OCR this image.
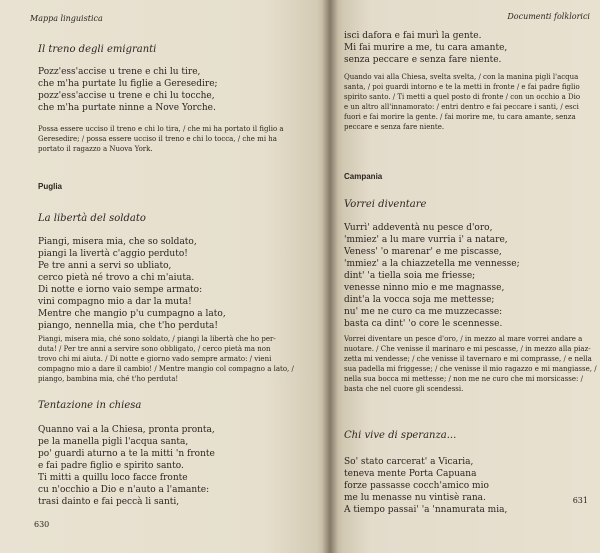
Mappa linguistica

Il treno degli emigranti

Pozz'ess'accise u trene e chi lu tire,
che m'ha purtate lu figlie a Geresedire;
pozz'ess'accise u trene e chi lu tocche,
che m'ha purtate ninne a Nove Yorche.
Possa essere ucciso il treno e chi lo tira, / che mi ha portato il figlio a
Geresedire; / possa essere ucciso il treno e chi lo tocca, / che mi ha
portato il ragazzo a Nuova York.

Puglia

La libertà del soldato

Piangi, misera mia, che so soldato,
piangi la livertà c'aggio perduto!
Pe tre anni a servi so ubliato,
cerco pietà né trovo a chi m'aiuta.
Di notte e iorno vaio sempe armato:
vini compagno mio a dar la muta!
Mentre che mangio p'u cumpagno a lato,
piango, nennella mia, che t'ho perduta!
Piangi, misera mia, ché sono soldato, / piangi la libertà che ho per-
duta! / Per tre anni a servire sono obbligato, / cerco pietà ma non
trovo chi mi aiuta. / Di notte e giorno vado sempre armato: / vieni
compagno mio a dare il cambio! / Mentre mangio col compagno a lato, /
piango, bambina mia, ché t'ho perduta!

Tentazione in chiesa

Quanno vai a la Chiesa, pronta pronta,
pe la manella pigli l'acqua santa,
po' guardi aturno a te la mitti 'n fronte
e fai padre figlio e spirito santo.
Ti mitti a quillu loco facce fronte
cu n'occhio a Dio e n'auto a l'amante:
trasi dainto e fai peccà li santi,

630

Documenti folklorici

isci dafora e fai murì la gente.
Mi fai murire a me, tu cara amante,
senza peccare e senza fare niente.
Quando vai alla Chiesa, svelta svelta, / con la manina pigli l'acqua
santa, / poi guardi intorno e te la metti in fronte / e fai padre figlio
spirito santo. / Ti metti a quel posto di fronte / con un occhio a Dio
e un altro all'innamorato: / entri dentro e fai peccare i santi, / esci
fuori e fai morire la gente. / fai morire me, tu cara amante, senza
peccare e senza fare niente.

Campania

Vorrei diventare

Vurrì' addeventà nu pesce d'oro,
'mmiez' a lu mare vurria i' a natare,
Veness' 'o marenar' e me piscasse,
'mmiez' a la chiazzetella me vennesse;
dint' 'a tiella soia me friesse;
venesse ninno mio e me magnasse,
dint'a la vocca soja me mettesse;
nu' me ne curo ca me muzzecasse:
basta ca dint' 'o core le scennesse.
Vorrei diventare un pesce d'oro, / in mezzo al mare vorrei andare a
nuotare. / Che venisse il marinaro e mi pescasse, / in mezzo alla piaz-
zetta mi vendesse; / che venisse il tavernaro e mi comprasse, / e nella
sua padella mi friggesse; / che venisse il mio ragazzo e mi mangiasse, /
nella sua bocca mi mettesse; / non me ne curo che mi morsicasse: /
basta che nel cuore gli scendessi.

Chi vive di speranza...

So' stato carcerat' a Vicaria,
teneva mente Porta Capuana
forze passasse cocch'amico mio
me lu menasse nu vintisè rana.
A tiempo passai' 'a 'nnamurata mia,

631
